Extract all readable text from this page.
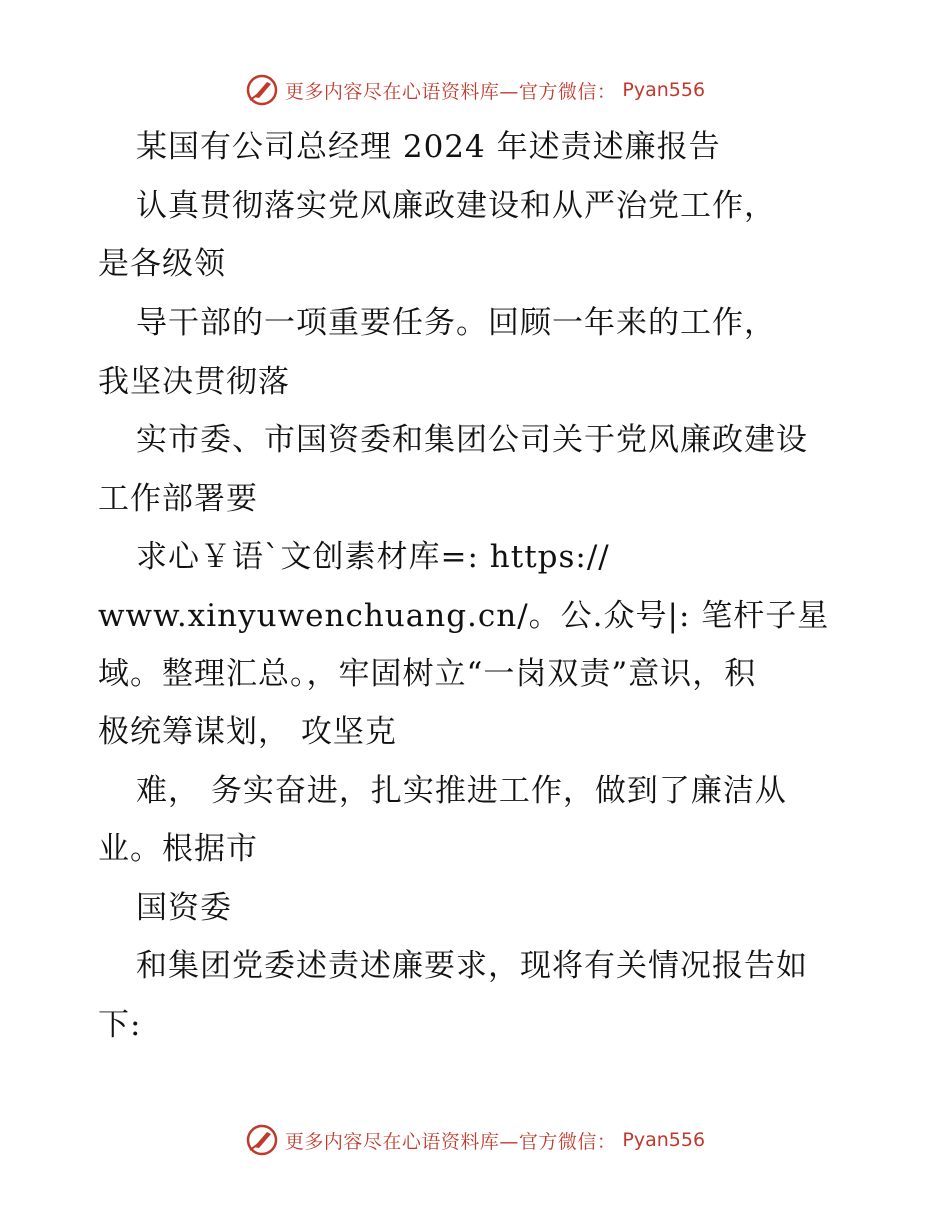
更多内容尽在心语资料库—官方微信： Pyan556
某国有公司总经理 2024 年述责述廉报告
认真贯彻落实党风廉政建设和从严治党工作，
是各级领
导干部的一项重要任务。回顾一年来的工作，
我坚决贯彻落
实市委、市国资委和集团公司关于党风廉政建设
工作部署要
求心￥语`文创素材库=: https://
www.xinyuwenchuang.cn/。公.众号|: 笔杆子星
域。整理汇总。，牢固树立“一岗双责”意识，积
极统筹谋划， 攻坚克
难， 务实奋进，扎实推进工作，做到了廉洁从
业。根据市
国资委
和集团党委述责述廉要求，现将有关情况报告如
下:
更多内容尽在心语资料库—官方微信： Pyan556
